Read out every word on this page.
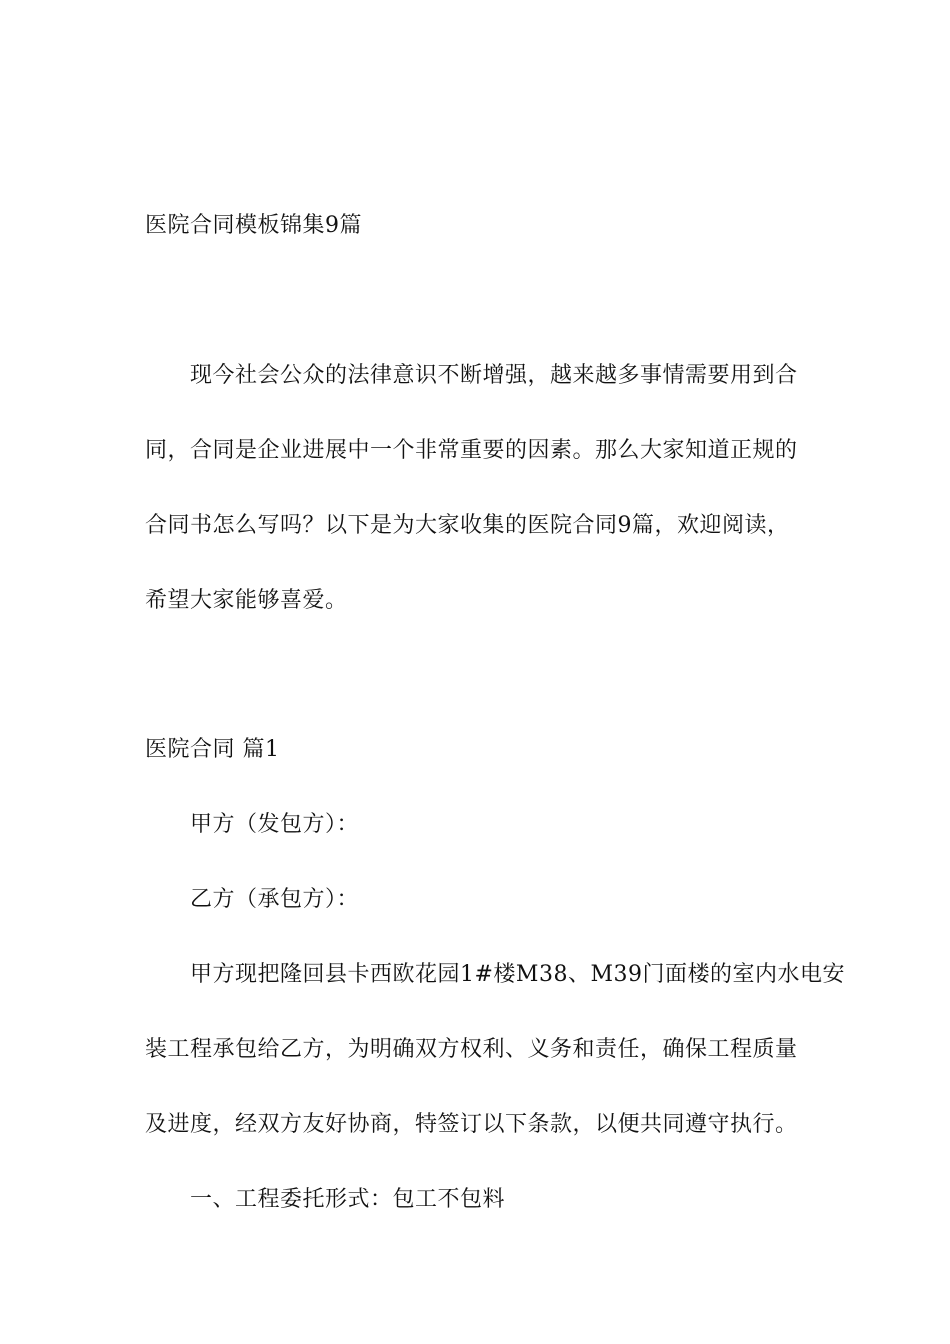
医院合同模板锦集9篇
现今社会公众的法律意识不断增强，越来越多事情需要用到合
同，合同是企业进展中一个非常重要的因素。那么大家知道正规的
合同书怎么写吗？以下是为大家收集的医院合同9篇，欢迎阅读，
希望大家能够喜爱。
医院合同 篇1
甲方（发包方）：
乙方（承包方）：
甲方现把隆回县卡西欧花园1#楼M38、M39门面楼的室内水电安
装工程承包给乙方，为明确双方权利、义务和责任，确保工程质量
及进度，经双方友好协商，特签订以下条款，以便共同遵守执行。
一、工程委托形式：包工不包料
